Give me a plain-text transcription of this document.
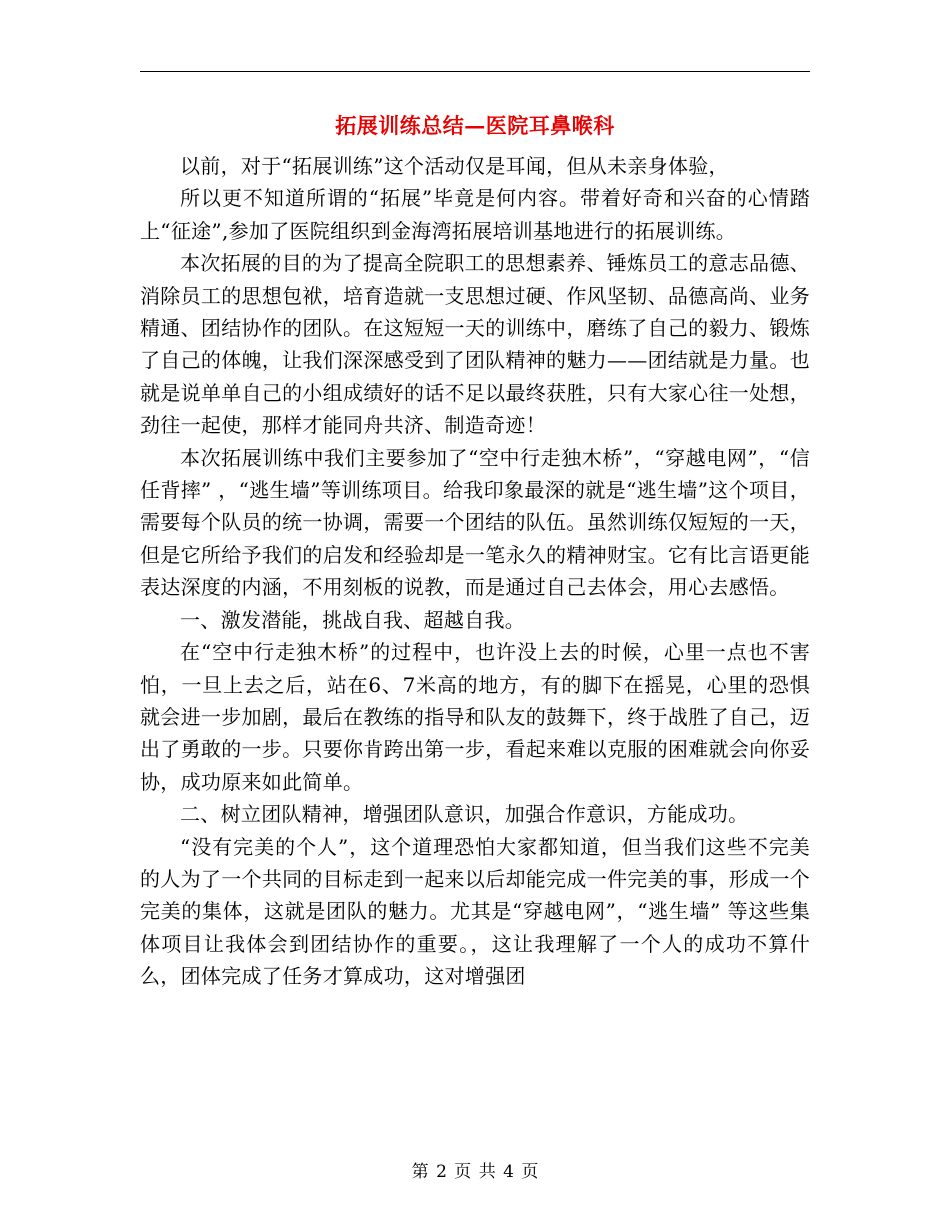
拓展训练总结—医院耳鼻喉科

以前，对于“拓展训练”这个活动仅是耳闻，但从未亲身体验，

所以更不知道所谓的“拓展”毕竟是何内容。带着好奇和兴奋的心情踏上“征途”,参加了医院组织到金海湾拓展培训基地进行的拓展训练。

本次拓展的目的为了提高全院职工的思想素养、锤炼员工的意志品德、消除员工的思想包袱，培育造就一支思想过硬、作风坚韧、品德高尚、业务精通、团结协作的团队。在这短短一天的训练中，磨练了自己的毅力、锻炼了自己的体魄，让我们深深感受到了团队精神的魅力——团结就是力量。也就是说单单自己的小组成绩好的话不足以最终获胜，只有大家心往一处想，劲往一起使，那样才能同舟共济、制造奇迹！

本次拓展训练中我们主要参加了“空中行走独木桥”，“穿越电网”，“信任背摔” ，“逃生墙”等训练项目。给我印象最深的就是“逃生墙”这个项目，需要每个队员的统一协调，需要一个团结的队伍。虽然训练仅短短的一天，但是它所给予我们的启发和经验却是一笔永久的精神财宝。它有比言语更能表达深度的内涵，不用刻板的说教，而是通过自己去体会，用心去感悟。

一、激发潜能，挑战自我、超越自我。

在“空中行走独木桥”的过程中，也许没上去的时候，心里一点也不害怕，一旦上去之后，站在6、7米高的地方，有的脚下在摇晃，心里的恐惧就会进一步加剧，最后在教练的指导和队友的鼓舞下，终于战胜了自己，迈出了勇敢的一步。只要你肯跨出第一步，看起来难以克服的困难就会向你妥协，成功原来如此简单。

二、树立团队精神，增强团队意识，加强合作意识，方能成功。

“没有完美的个人”，这个道理恐怕大家都知道，但当我们这些不完美的人为了一个共同的目标走到一起来以后却能完成一件完美的事，形成一个完美的集体，这就是团队的魅力。尤其是“穿越电网”，“逃生墙” 等这些集体项目让我体会到团结协作的重要。，这让我理解了一个人的成功不算什么，团体完成了任务才算成功，这对增强团

第 2 页 共 4 页
